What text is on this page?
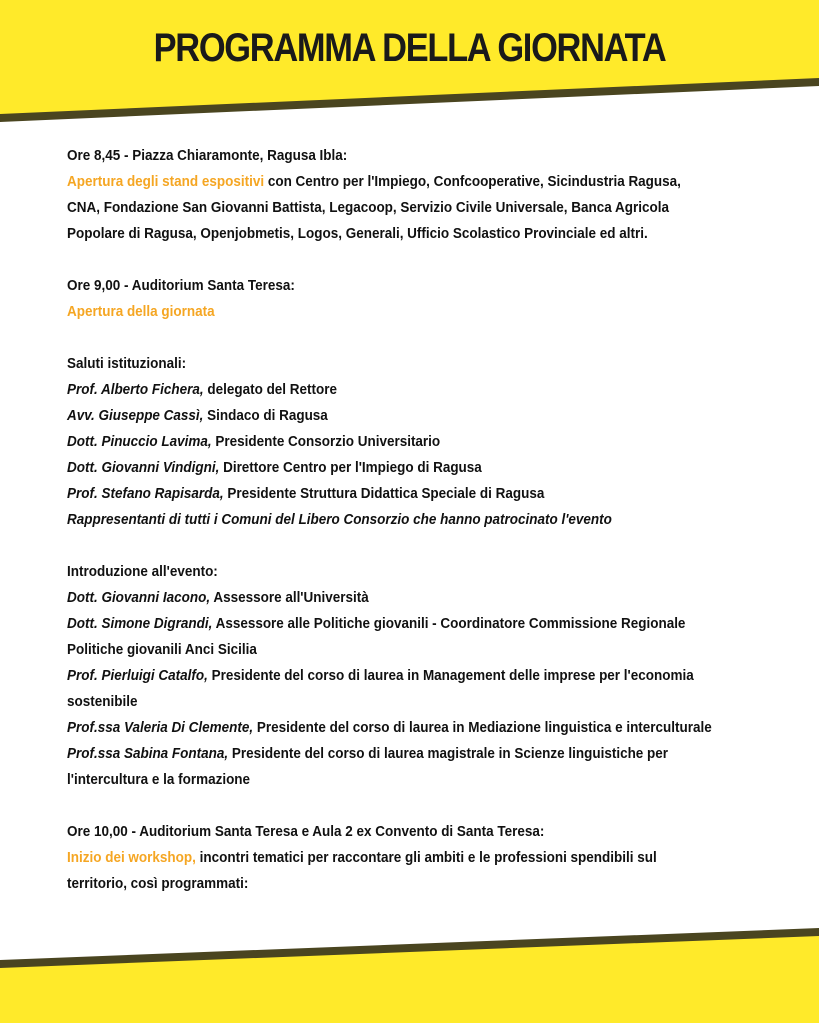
PROGRAMMA DELLA GIORNATA

Ore 8,45 - Piazza Chiaramonte, Ragusa Ibla:

Apertura degli stand espositivi con Centro per l'Impiego, Confcooperative, Sicindustria Ragusa,

CNA, Fondazione San Giovanni Battista, Legacoop, Servizio Civile Universale, Banca Agricola

Popolare di Ragusa, Openjobmetis, Logos, Generali, Ufficio Scolastico Provinciale ed altri.

Ore 9,00 - Auditorium Santa Teresa:

Apertura della giornata

Saluti istituzionali:

Prof. Alberto Fichera, delegato del Rettore

Avv. Giuseppe Cassì, Sindaco di Ragusa

Dott. Pinuccio Lavima, Presidente Consorzio Universitario

Dott. Giovanni Vindigni, Direttore Centro per l'Impiego di Ragusa

Prof. Stefano Rapisarda, Presidente Struttura Didattica Speciale di Ragusa

Rappresentanti di tutti i Comuni del Libero Consorzio che hanno patrocinato l'evento

Introduzione all'evento:

Dott. Giovanni Iacono, Assessore all'Università

Dott. Simone Digrandi, Assessore alle Politiche giovanili - Coordinatore Commissione Regionale

Politiche giovanili Anci Sicilia

Prof. Pierluigi Catalfo, Presidente del corso di laurea in Management delle imprese per l'economia

sostenibile

Prof.ssa Valeria Di Clemente, Presidente del corso di laurea in Mediazione linguistica e interculturale

Prof.ssa Sabina Fontana, Presidente del corso di laurea magistrale in Scienze linguistiche per

l'intercultura e la formazione

Ore 10,00 - Auditorium Santa Teresa e Aula 2 ex Convento di Santa Teresa:

Inizio dei workshop, incontri tematici per raccontare gli ambiti e le professioni spendibili sul

territorio, così programmati:
